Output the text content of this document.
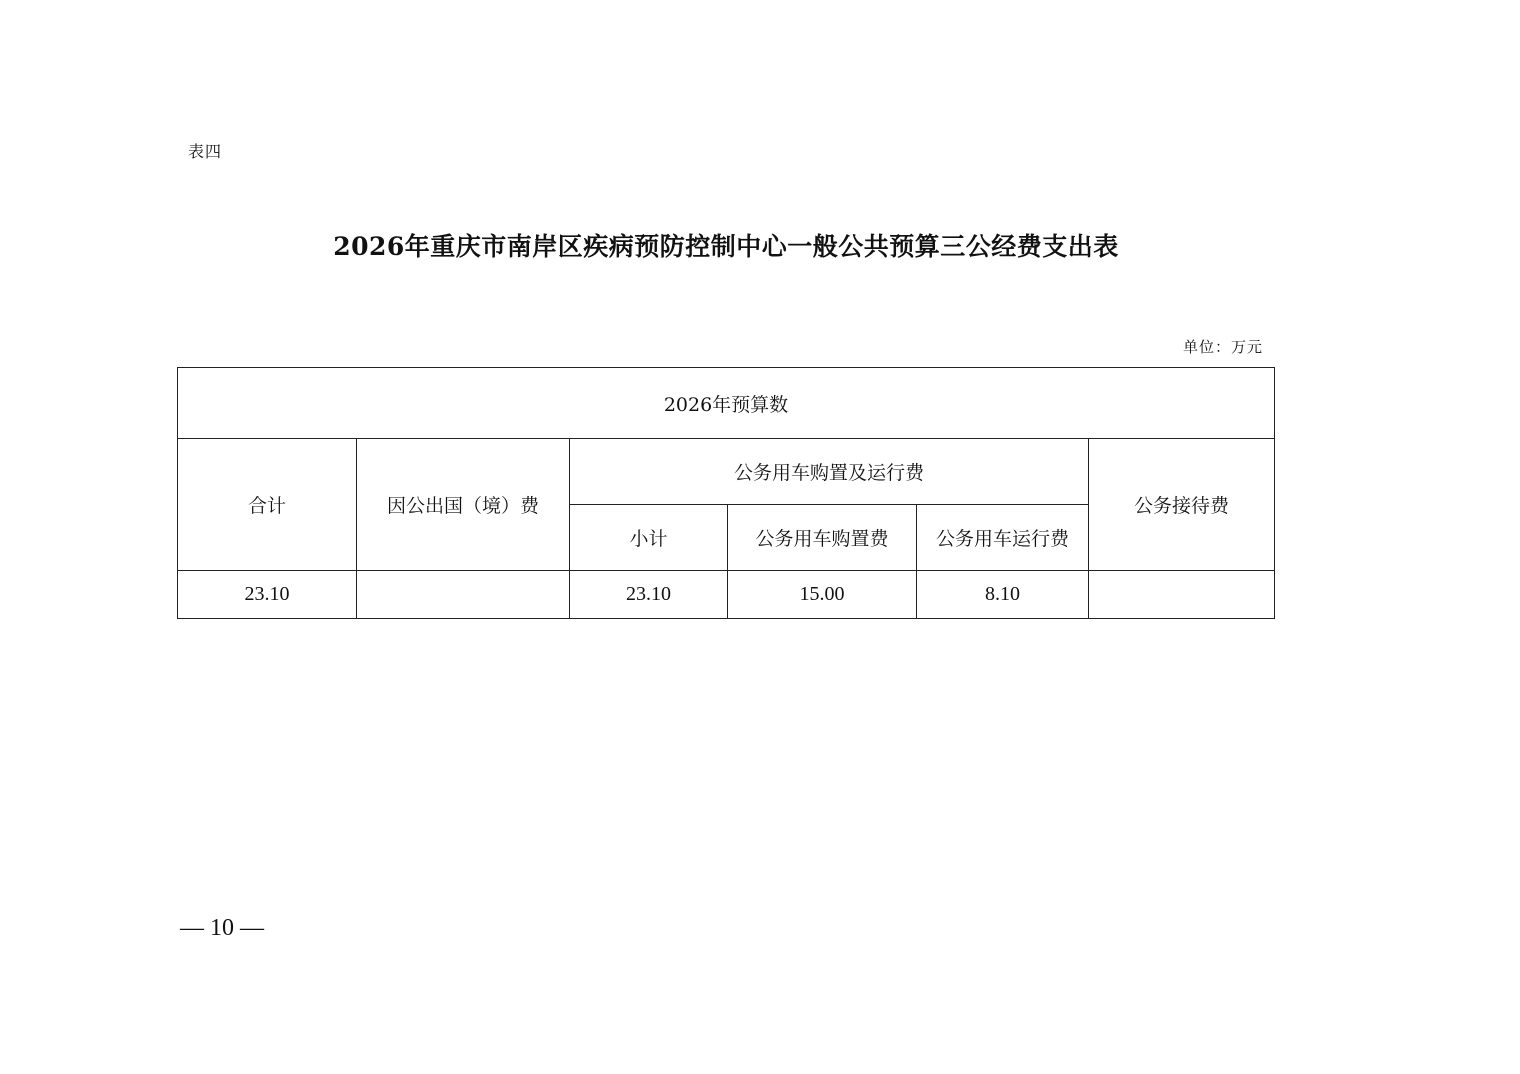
表四
2026年重庆市南岸区疾病预防控制中心一般公共预算三公经费支出表
单位：万元
2026年预算数					
合计	因公出国（境）费	公务用车购置及运行费			公务接待费
		小计	公务用车购置费	公务用车运行费	
23.10		23.10	15.00	8.10	
— 10 —
